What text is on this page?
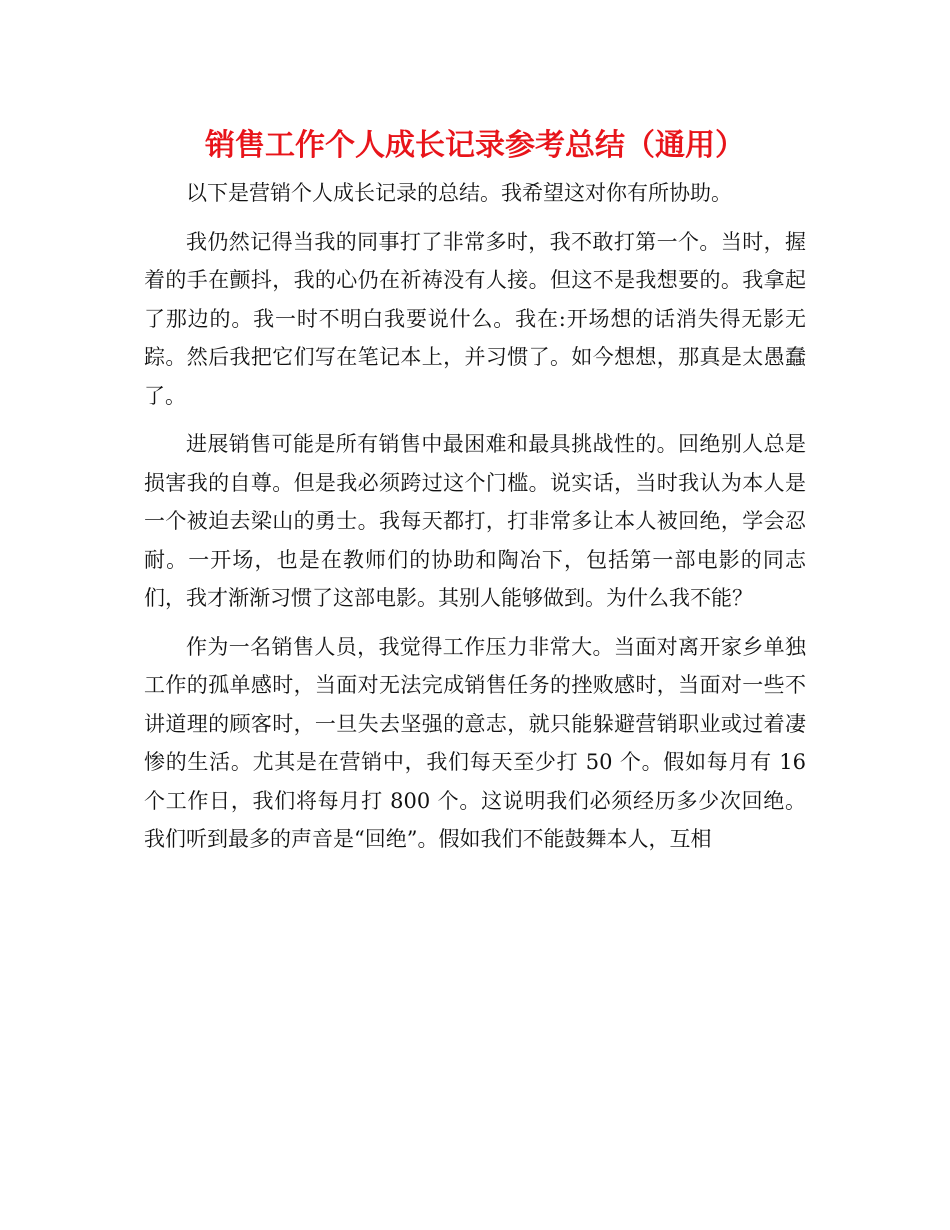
销售工作个人成长记录参考总结（通用）

以下是营销个人成长记录的总结。我希望这对你有所协助。

我仍然记得当我的同事打了非常多时，我不敢打第一个。当时，握着的手在颤抖，我的心仍在祈祷没有人接。但这不是我想要的。我拿起了那边的。我一时不明白我要说什么。我在:开场想的话消失得无影无踪。然后我把它们写在笔记本上，并习惯了。如今想想，那真是太愚蠢了。

进展销售可能是所有销售中最困难和最具挑战性的。回绝别人总是损害我的自尊。但是我必须跨过这个门槛。说实话，当时我认为本人是一个被迫去梁山的勇士。我每天都打，打非常多让本人被回绝，学会忍耐。一开场，也是在教师们的协助和陶冶下，包括第一部电影的同志们，我才渐渐习惯了这部电影。其别人能够做到。为什么我不能？

作为一名销售人员，我觉得工作压力非常大。当面对离开家乡单独工作的孤单感时，当面对无法完成销售任务的挫败感时，当面对一些不讲道理的顾客时，一旦失去坚强的意志，就只能躲避营销职业或过着凄惨的生活。尤其是在营销中，我们每天至少打 50 个。假如每月有 16 个工作日，我们将每月打 800 个。这说明我们必须经历多少次回绝。我们听到最多的声音是“回绝”。假如我们不能鼓舞本人，互相
